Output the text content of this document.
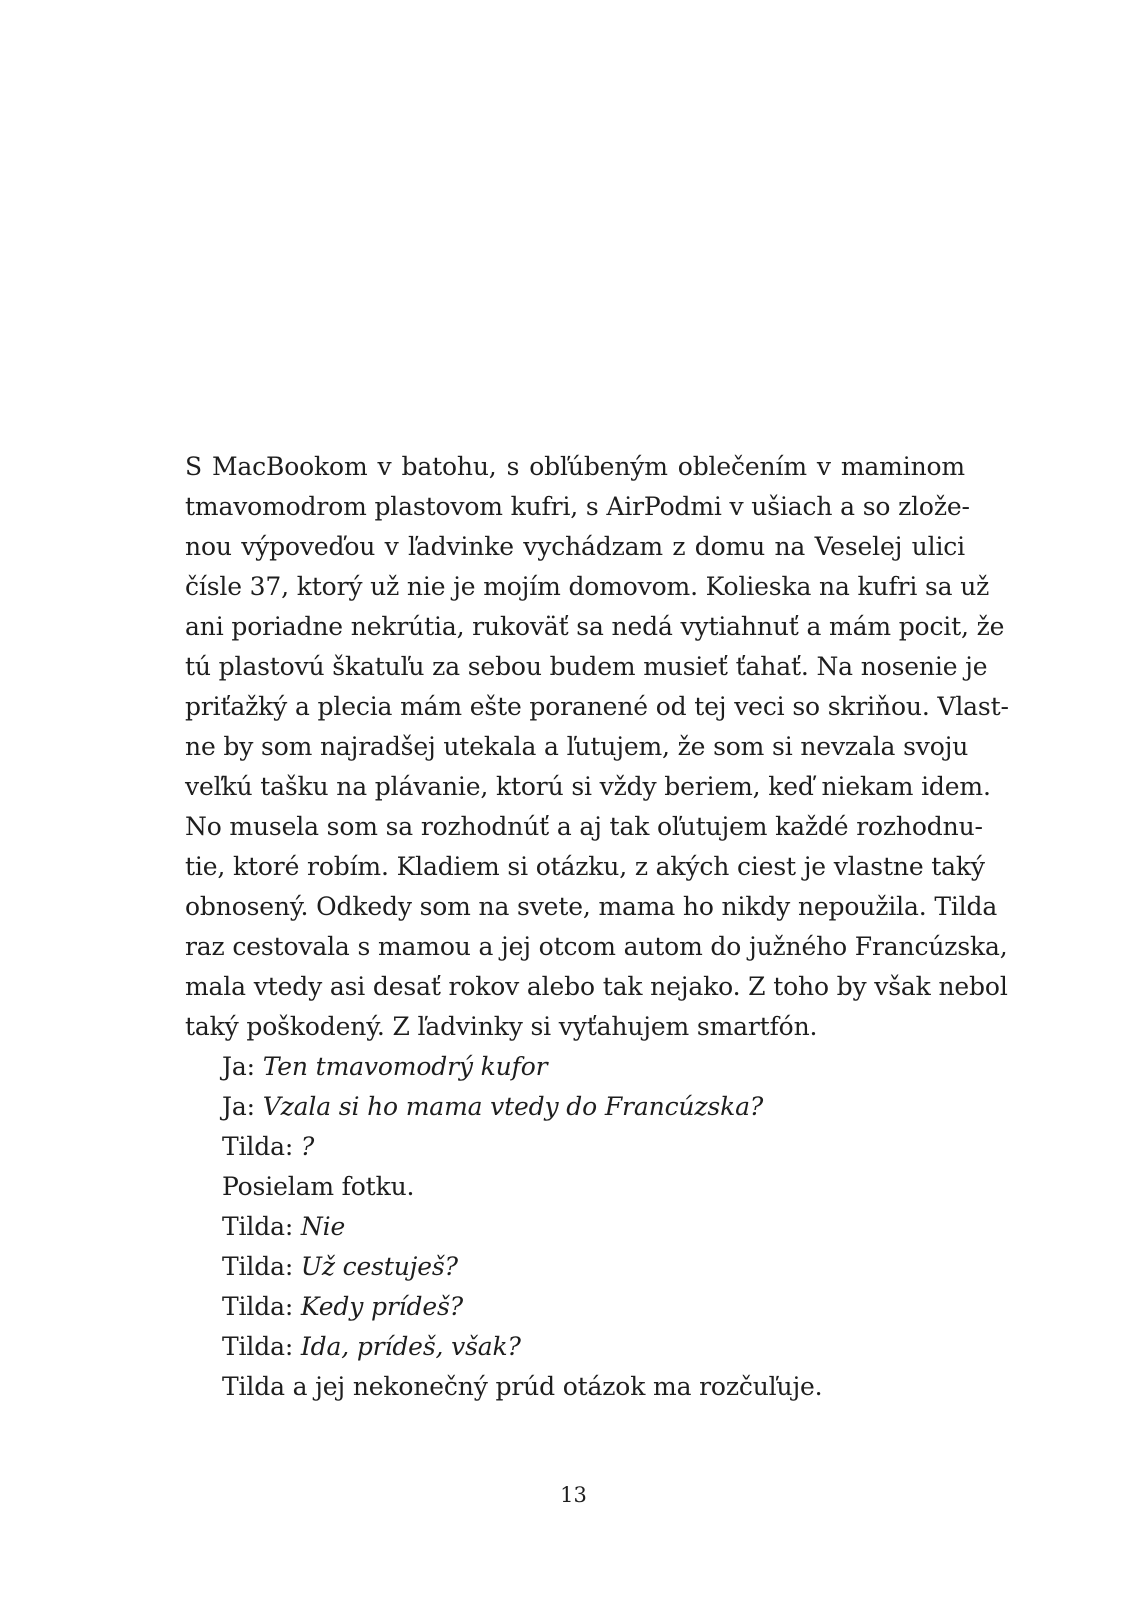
S MacBookom v batohu, s obľúbeným oblečením v maminom
tmavomodrom plastovom kufri, s AirPodmi v ušiach a so zlože-
nou výpoveďou v ľadvinke vychádzam z domu na Veselej ulici
čísle 37, ktorý už nie je mojím domovom. Kolieska na kufri sa už
ani poriadne nekrútia, rukoväť sa nedá vytiahnuť a mám pocit, že
tú plastovú škatuľu za sebou budem musieť ťahať. Na nosenie je
priťažký a plecia mám ešte poranené od tej veci so skriňou. Vlast-
ne by som najradšej utekala a ľutujem, že som si nevzala svoju
veľkú tašku na plávanie, ktorú si vždy beriem, keď niekam idem.
No musela som sa rozhodnúť a aj tak oľutujem každé rozhodnu-
tie, ktoré robím. Kladiem si otázku, z akých ciest je vlastne taký
obnosený. Odkedy som na svete, mama ho nikdy nepoužila. Tilda
raz cestovala s mamou a jej otcom autom do južného Francúzska,
mala vtedy asi desať rokov alebo tak nejako. Z toho by však nebol
taký poškodený. Z ľadvinky si vyťahujem smartfón.
Ja: Ten tmavomodrý kufor
Ja: Vzala si ho mama vtedy do Francúzska?
Tilda: ?
Posielam fotku.
Tilda: Nie
Tilda: Už cestuješ?
Tilda: Kedy prídeš?
Tilda: Ida, prídeš, však?
Tilda a jej nekonečný prúd otázok ma rozčuľuje.
13
